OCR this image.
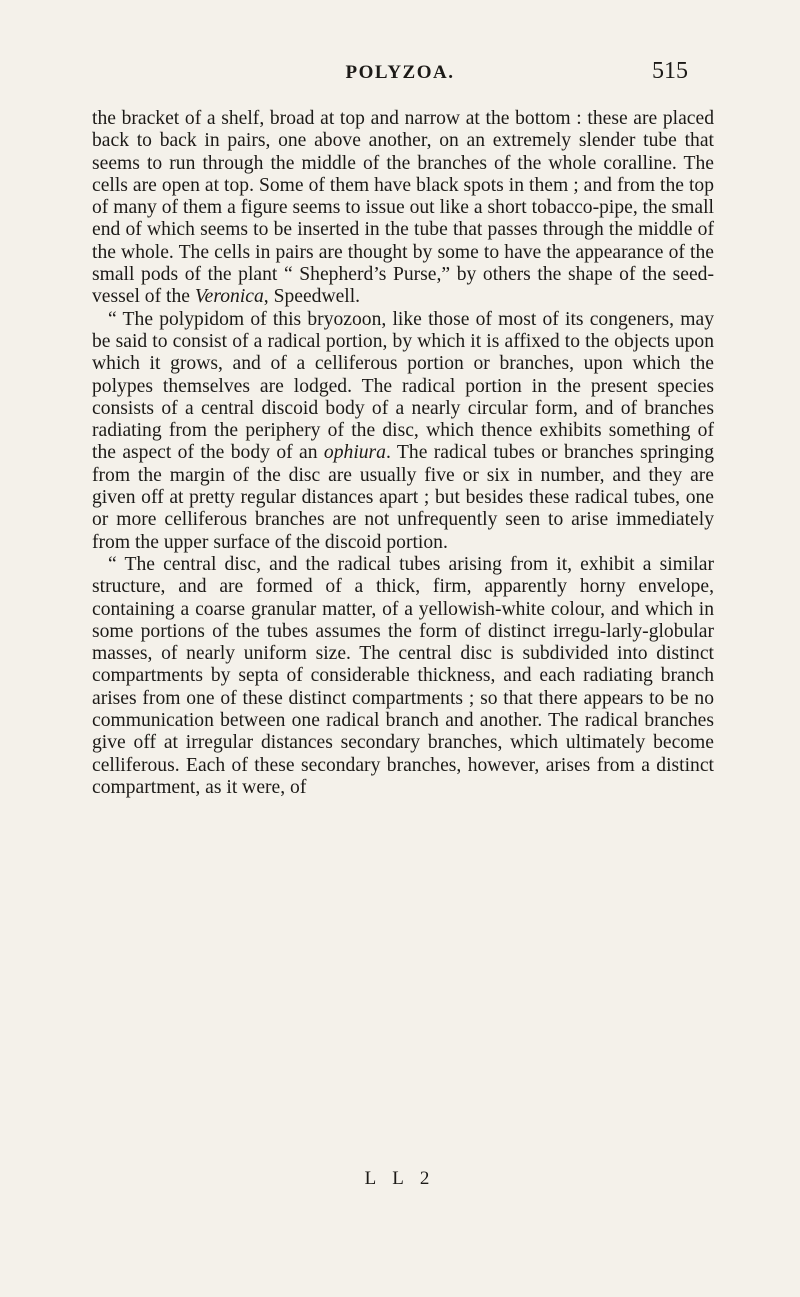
POLYZOA.	515

the bracket of a shelf, broad at top and narrow at the bottom : these are placed back to back in pairs, one above another, on an extremely slender tube that seems to run through the middle of the branches of the whole coralline. The cells are open at top. Some of them have black spots in them ; and from the top of many of them a figure seems to issue out like a short tobacco-pipe, the small end of which seems to be inserted in the tube that passes through the middle of the whole. The cells in pairs are thought by some to have the appearance of the small pods of the plant “ Shepherd’s Purse,” by others the shape of the seed-vessel of the Veronica, Speedwell.

“ The polypidom of this bryozoon, like those of most of its congeners, may be said to consist of a radical portion, by which it is affixed to the objects upon which it grows, and of a celliferous portion or branches, upon which the polypes themselves are lodged. The radical portion in the present species consists of a central discoid body of a nearly circular form, and of branches radiating from the periphery of the disc, which thence exhibits something of the aspect of the body of an ophiura. The radical tubes or branches springing from the margin of the disc are usually five or six in number, and they are given off at pretty regular distances apart ; but besides these radical tubes, one or more celliferous branches are not unfrequently seen to arise immediately from the upper surface of the discoid portion.

“ The central disc, and the radical tubes arising from it, exhibit a similar structure, and are formed of a thick, firm, apparently horny envelope, containing a coarse granular matter, of a yellowish-white colour, and which in some portions of the tubes assumes the form of distinct irregu-larly-globular masses, of nearly uniform size. The central disc is subdivided into distinct compartments by septa of considerable thickness, and each radiating branch arises from one of these distinct compartments ; so that there appears to be no communication between one radical branch and another. The radical branches give off at irregular distances secondary branches, which ultimately become celliferous. Each of these secondary branches, however, arises from a distinct compartment, as it were, of

L L 2
